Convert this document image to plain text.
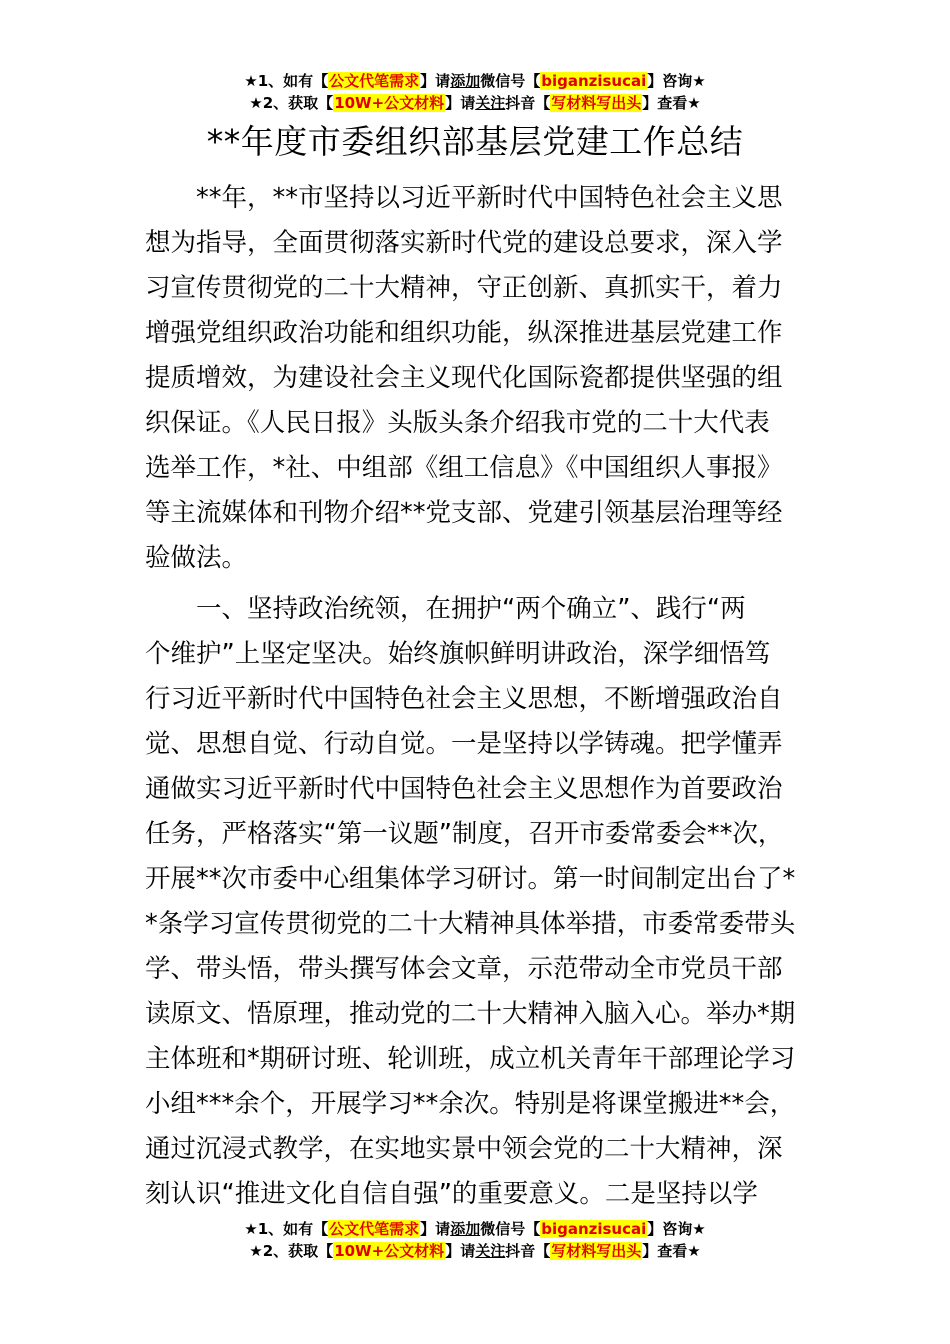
★1、如有【公文代笔需求】请添加微信号【biganzisucai】咨询★
★2、获取【10W+公文材料】请关注抖音【写材料写出头】查看★
**年度市委组织部基层党建工作总结
**年，**市坚持以习近平新时代中国特色社会主义思
想为指导，全面贯彻落实新时代党的建设总要求，深入学
习宣传贯彻党的二十大精神，守正创新、真抓实干，着力
增强党组织政治功能和组织功能，纵深推进基层党建工作
提质增效，为建设社会主义现代化国际瓷都提供坚强的组
织保证。《人民日报》头版头条介绍我市党的二十大代表
选举工作，*社、中组部《组工信息》《中国组织人事报》
等主流媒体和刊物介绍**党支部、党建引领基层治理等经
验做法。
一、坚持政治统领，在拥护“两个确立”、践行“两
个维护”上坚定坚决。始终旗帜鲜明讲政治，深学细悟笃
行习近平新时代中国特色社会主义思想，不断增强政治自
觉、思想自觉、行动自觉。一是坚持以学铸魂。把学懂弄
通做实习近平新时代中国特色社会主义思想作为首要政治
任务，严格落实“第一议题”制度，召开市委常委会**次，
开展**次市委中心组集体学习研讨。第一时间制定出台了*
*条学习宣传贯彻党的二十大精神具体举措，市委常委带头
学、带头悟，带头撰写体会文章，示范带动全市党员干部
读原文、悟原理，推动党的二十大精神入脑入心。举办*期
主体班和*期研讨班、轮训班，成立机关青年干部理论学习
小组***余个，开展学习**余次。特别是将课堂搬进**会，
通过沉浸式教学，在实地实景中领会党的二十大精神，深
刻认识“推进文化自信自强”的重要意义。二是坚持以学
★1、如有【公文代笔需求】请添加微信号【biganzisucai】咨询★
★2、获取【10W+公文材料】请关注抖音【写材料写出头】查看★
